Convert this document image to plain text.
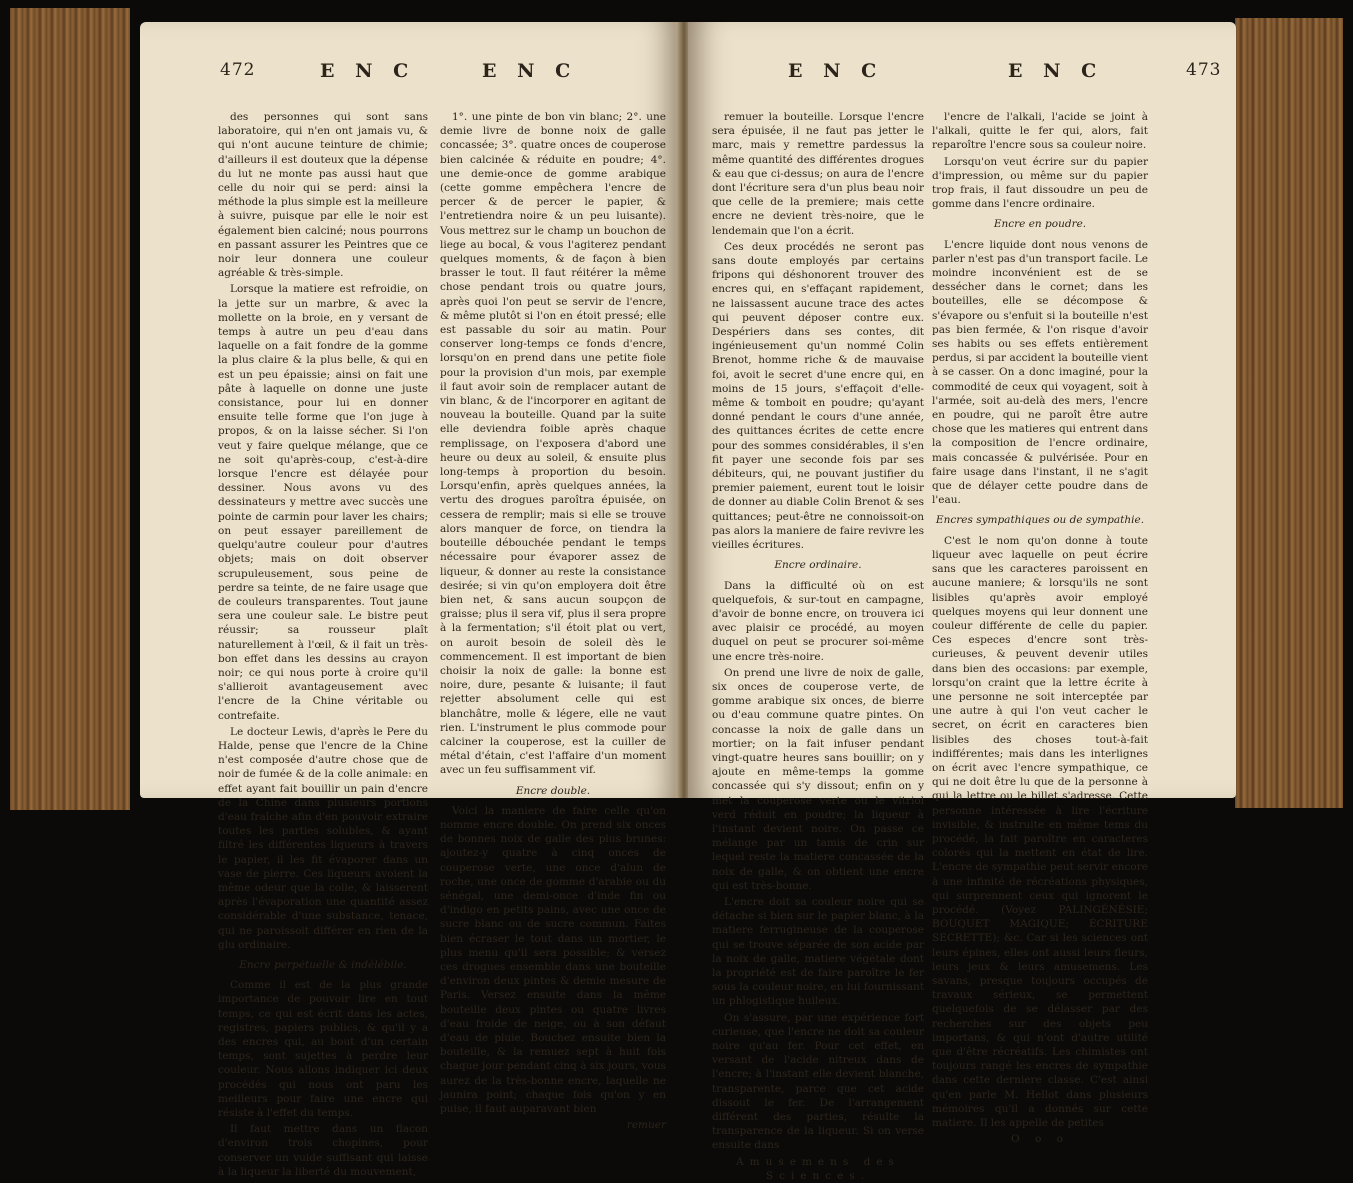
472	E N C	E N C

des personnes qui sont sans laboratoire, qui n'en ont jamais vu, & qui n'ont aucune teinture de chimie; d'ailleurs il est douteux que la dépense du lut ne monte pas aussi haut que celle du noir qui se perd: ainsi la méthode la plus simple est la meilleure à suivre, puisque par elle le noir est également bien calciné; nous pourrons en passant assurer les Peintres que ce noir leur donnera une couleur agréable & très-simple.

Lorsque la matiere est refroidie, on la jette sur un marbre, & avec la mollette on la broie, en y versant de temps à autre un peu d'eau dans laquelle on a fait fondre de la gomme la plus claire & la plus belle, & qui en est un peu épaissie; ainsi on fait une pâte à laquelle on donne une juste consistance, pour lui en donner ensuite telle forme que l'on juge à propos, & on la laisse sécher. Si l'on veut y faire quelque mélange, que ce ne soit qu'après-coup, c'est-à-dire lorsque l'encre est délayée pour dessiner. Nous avons vu des dessinateurs y mettre avec succès une pointe de carmin pour laver les chairs; on peut essayer pareillement de quelqu'autre couleur pour d'autres objets; mais on doit observer scrupuleusement, sous peine de perdre sa teinte, de ne faire usage que de couleurs transparentes. Tout jaune sera une couleur sale. Le bistre peut réussir; sa rousseur plaît naturellement à l'œil, & il fait un très-bon effet dans les dessins au crayon noir; ce qui nous porte à croire qu'il s'allieroit avantageusement avec l'encre de la Chine véritable ou contrefaite.

Le docteur Lewis, d'après le Pere du Halde, pense que l'encre de la Chine n'est composée d'autre chose que de noir de fumée & de la colle animale: en effet ayant fait bouillir un pain d'encre de la Chine dans plusieurs portions d'eau fraîche afin d'en pouvoir extraire toutes les parties solubles, & ayant filtré les différentes liqueurs à travers le papier, il les fit évaporer dans un vase de pierre. Ces liqueurs avoient la même odeur que la colle, & laisserent après l'évaporation une quantité assez considérable d'une substance, tenace, qui ne paroissoit différer en rien de la glu ordinaire.

Encre perpétuelle & indélébile.

Comme il est de la plus grande importance de pouvoir lire en tout temps, ce qui est écrit dans les actes, registres, papiers publics, & qu'il y a des encres qui, au bout d'un certain temps, sont sujettes à perdre leur couleur. Nous allons indiquer ici deux procédés qui nous ont paru les meilleurs pour faire une encre qui résiste à l'effet du temps.

Il faut mettre dans un flacon d'environ trois chopines, pour conserver un vuide suffisant qui laisse à la liqueur la liberté du mouvement,

1°. une pinte de bon vin blanc; 2°. une demie livre de bonne noix de galle concassée; 3°. quatre onces de couperose bien calcinée & réduite en poudre; 4°. une demie-once de gomme arabique (cette gomme empêchera l'encre de percer & de percer le papier, & l'entretiendra noire & un peu luisante). Vous mettrez sur le champ un bouchon de liege au bocal, & vous l'agiterez pendant quelques moments, & de façon à bien brasser le tout. Il faut réitérer la même chose pendant trois ou quatre jours, après quoi l'on peut se servir de l'encre, & même plutôt si l'on en étoit pressé; elle est passable du soir au matin. Pour conserver long-temps ce fonds d'encre, lorsqu'on en prend dans une petite fiole pour la provision d'un mois, par exemple il faut avoir soin de remplacer autant de vin blanc, & de l'incorporer en agitant de nouveau la bouteille. Quand par la suite elle deviendra foible après chaque remplissage, on l'exposera d'abord une heure ou deux au soleil, & ensuite plus long-temps à proportion du besoin. Lorsqu'enfin, après quelques années, la vertu des drogues paroîtra épuisée, on cessera de remplir; mais si elle se trouve alors manquer de force, on tiendra la bouteille débouchée pendant le temps nécessaire pour évaporer assez de liqueur, & donner au reste la consistance desirée; si vin qu'on employera doit être bien net, & sans aucun soupçon de graisse; plus il sera vif, plus il sera propre à la fermentation; s'il étoit plat ou vert, on auroit besoin de soleil dès le commencement. Il est important de bien choisir la noix de galle: la bonne est noire, dure, pesante & luisante; il faut rejetter absolument celle qui est blanchâtre, molle & légere, elle ne vaut rien. L'instrument le plus commode pour calciner la couperose, est la cuiller de métal d'étain, c'est l'affaire d'un moment avec un feu suffisamment vif.

Encre double.

Voici la maniere de faire celle qu'on nomme encre double. On prend six onces de bonnes noix de galle des plus brunes: ajoutez-y quatre à cinq onces de couperose verte, une once d'alun de roche, une once de gomme d'arabie ou du sénégal, une demi-once d'inde fin ou d'indigo en petits pains, avec une once de sucre blanc ou de sucre commun. Faites bien écraser le tout dans un mortier, le plus menu qu'il sera possible; & versez ces drogues ensemble dans une bouteille d'environ deux pintes & demie mesure de Paris. Versez ensuite dans la même bouteille deux pintes ou quatre livres d'eau froide de neige, ou à son défaut d'eau de pluie. Bouchez ensuite bien la bouteille, & la remuez sept à huit fois chaque jour pendant cinq à six jours, vous aurez de la très-bonne encre, laquelle ne jaunira point; chaque fois qu'on y en puise, il faut auparavant bien

remuer

E N C	E N C	473

remuer la bouteille. Lorsque l'encre sera épuisée, il ne faut pas jetter le marc, mais y remettre pardessus la même quantité des différentes drogues & eau que ci-dessus; on aura de l'encre dont l'écriture sera d'un plus beau noir que celle de la premiere; mais cette encre ne devient très-noire, que le lendemain que l'on a écrit.

Ces deux procédés ne seront pas sans doute employés par certains fripons qui déshonorent trouver des encres qui, en s'effaçant rapidement, ne laissassent aucune trace des actes qui peuvent déposer contre eux. Despériers dans ses contes, dit ingénieusement qu'un nommé Colin Brenot, homme riche & de mauvaise foi, avoit le secret d'une encre qui, en moins de 15 jours, s'effaçoit d'elle-même & tomboit en poudre; qu'ayant donné pendant le cours d'une année, des quittances écrites de cette encre pour des sommes considérables, il s'en fit payer une seconde fois par ses débiteurs, qui, ne pouvant justifier du premier paiement, eurent tout le loisir de donner au diable Colin Brenot & ses quittances; peut-être ne connoissoit-on pas alors la maniere de faire revivre les vieilles écritures.

Encre ordinaire.

Dans la difficulté où on est quelquefois, & sur-tout en campagne, d'avoir de bonne encre, on trouvera ici avec plaisir ce procédé, au moyen duquel on peut se procurer soi-même une encre très-noire.

On prend une livre de noix de galle, six onces de couperose verte, de gomme arabique six onces, de bierre ou d'eau commune quatre pintes. On concasse la noix de galle dans un mortier; on la fait infuser pendant vingt-quatre heures sans bouillir; on y ajoute en même-temps la gomme concassée qui s'y dissout; enfin on y met la couperose verte ou le vitriol verd réduit en poudre; la liqueur à l'instant devient noire. On passe ce mélange par un tamis de crin sur lequel reste la matiere concassée de la noix de galle, & on obtient une encre qui est très-bonne.

L'encre doit sa couleur noire qui se détache si bien sur le papier blanc, à la matiere ferrugineuse de la couperose qui se trouve séparée de son acide par la noix de galle, matiere végétale dont la propriété est de faire paroître le fer sous la couleur noire, en lui fournissant un phlogistique huileux.

On s'assure, par une expérience fort curieuse, que l'encre ne doit sa couleur noire qu'au fer. Pour cet effet, en versant de l'acide nitreux dans de l'encre; à l'instant elle devient blanche, transparente, parce que cet acide dissout le fer. De l'arrangement différent des parties, résulte la transparence de la liqueur. Si on verse ensuite dans

Amusemens des Sciences.

l'encre de l'alkali, l'acide se joint à l'alkali, quitte le fer qui, alors, fait reparoître l'encre sous sa couleur noire.

Lorsqu'on veut écrire sur du papier d'impression, ou même sur du papier trop frais, il faut dissoudre un peu de gomme dans l'encre ordinaire.

Encre en poudre.

L'encre liquide dont nous venons de parler n'est pas d'un transport facile. Le moindre inconvénient est de se dessécher dans le cornet; dans les bouteilles, elle se décompose & s'évapore ou s'enfuit si la bouteille n'est pas bien fermée, & l'on risque d'avoir ses habits ou ses effets entièrement perdus, si par accident la bouteille vient à se casser. On a donc imaginé, pour la commodité de ceux qui voyagent, soit à l'armée, soit au-delà des mers, l'encre en poudre, qui ne paroît être autre chose que les matieres qui entrent dans la composition de l'encre ordinaire, mais concassée & pulvérisée. Pour en faire usage dans l'instant, il ne s'agit que de délayer cette poudre dans de l'eau.

Encres sympathiques ou de sympathie.

C'est le nom qu'on donne à toute liqueur avec laquelle on peut écrire sans que les caracteres paroissent en aucune maniere; & lorsqu'ils ne sont lisibles qu'après avoir employé quelques moyens qui leur donnent une couleur différente de celle du papier. Ces especes d'encre sont très-curieuses, & peuvent devenir utiles dans bien des occasions: par exemple, lorsqu'on craint que la lettre écrite à une personne ne soit interceptée par une autre à qui l'on veut cacher le secret, on écrit en caracteres bien lisibles des choses tout-à-fait indifférentes; mais dans les interlignes on écrit avec l'encre sympathique, ce qui ne doit être lu que de la personne à qui la lettre ou le billet s'adresse. Cette personne intéressée à lire l'écriture invisible, & instruite en même tems du procédé, la fait paroître en caracteres colorés qui la mettent en état de lire. L'encre de sympathie peut servir encore à une infinité de récréations physiques, qui surprennent ceux qui ignorent le procédé. (Voyez PALINGÉNÉSIE; BOUQUET MAGIQUE; ÉCRITURE SECRETTE); &c. Car si les sciences ont leurs épines, elles ont aussi leurs fleurs, leurs jeux & leurs amusemens. Les savans, presque toujours occupés de travaux sérieux, se permettent quelquefois de se délasser par des recherches sur des objets peu importans, & qui n'ont d'autre utilité que d'être récréatifs. Les chimistes ont toujours rangé les encres de sympathie dans cette derniere classe. C'est ainsi qu'en parle M. Hellot dans plusieurs mémoires qu'il a donnés sur cette matiere. Il les appelle de petites

O o o
